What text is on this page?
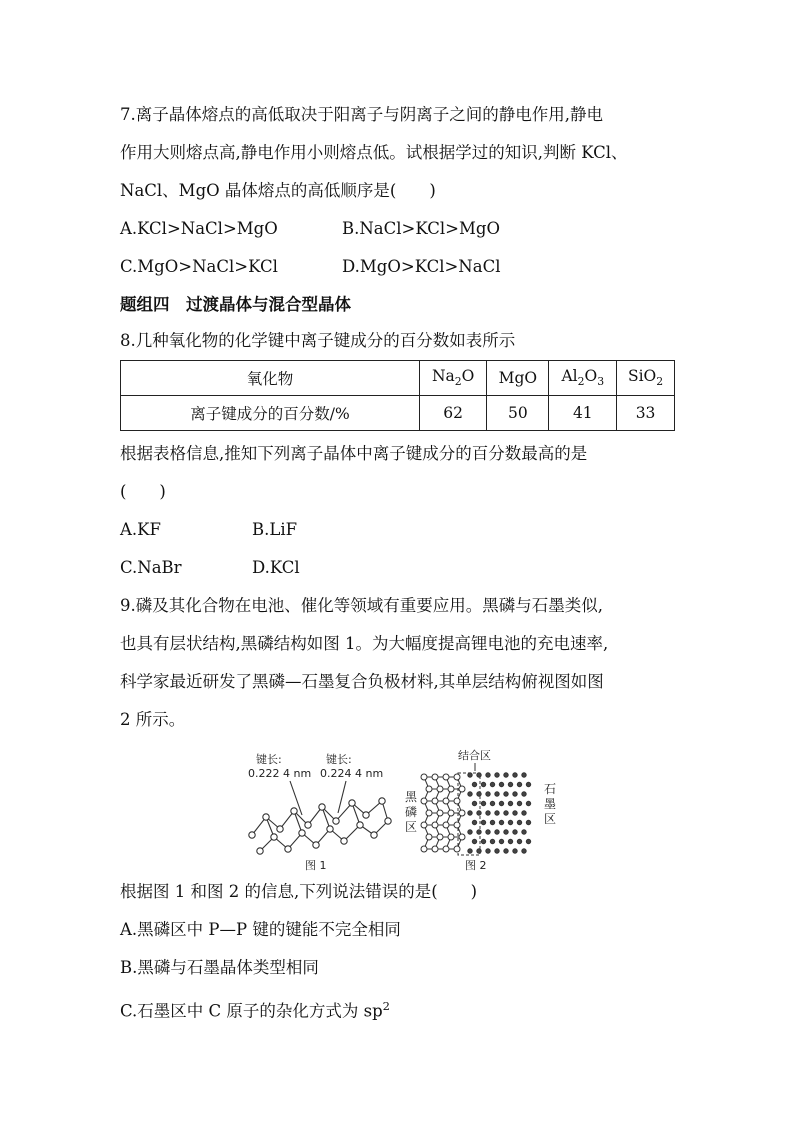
7.离子晶体熔点的高低取决于阳离子与阴离子之间的静电作用,静电
作用大则熔点高,静电作用小则熔点低。试根据学过的知识,判断 KCl、
NaCl、MgO 晶体熔点的高低顺序是(　　)
A.KCl>NaCl>MgO	B.NaCl>KCl>MgO
C.MgO>NaCl>KCl	D.MgO>KCl>NaCl
题组四　过渡晶体与混合型晶体
8.几种氧化物的化学键中离子键成分的百分数如表所示
氧化物	$Na_2O$	MgO	$Al_2O_3$	SiO$_2$
离子键成分的百分数/%	62	50	41	33
根据表格信息,推知下列离子晶体中离子键成分的百分数最高的是
(　　)
A.KF	B.LiF
C.NaBr	D.KCl
9.磷及其化合物在电池、催化等领域有重要应用。黑磷与石墨类似,
也具有层状结构,黑磷结构如图 1。为大幅度提高锂电池的充电速率,
科学家最近研发了黑磷—石墨复合负极材料,其单层结构俯视图如图
2 所示。
键长:
0.222 4 nm
键长:
0.224 4 nm
图 1
结合区
黑
磷
区
石
墨
区
图 2
根据图 1 和图 2 的信息,下列说法错误的是(　　)
A.黑磷区中 P—P 键的键能不完全相同
B.黑磷与石墨晶体类型相同
C.石墨区中 C 原子的杂化方式为 $sp^2$
